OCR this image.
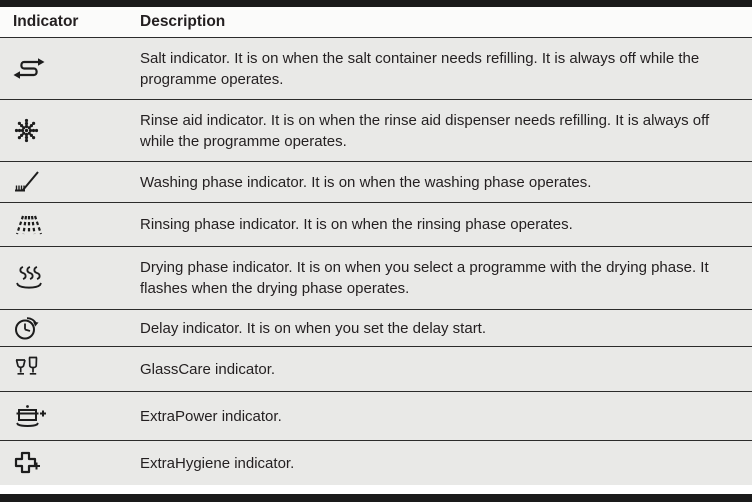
Indicator	Description
Salt indicator. It is on when the salt container needs refilling. It is always off while the programme operates.
Rinse aid indicator. It is on when the rinse aid dispenser needs refilling. It is always off while the programme operates.
Washing phase indicator. It is on when the washing phase operates.
Rinsing phase indicator. It is on when the rinsing phase operates.
Drying phase indicator. It is on when you select a programme with the drying phase. It flashes when the drying phase operates.
Delay indicator. It is on when you set the delay start.
GlassCare indicator.
ExtraPower indicator.
ExtraHygiene indicator.
